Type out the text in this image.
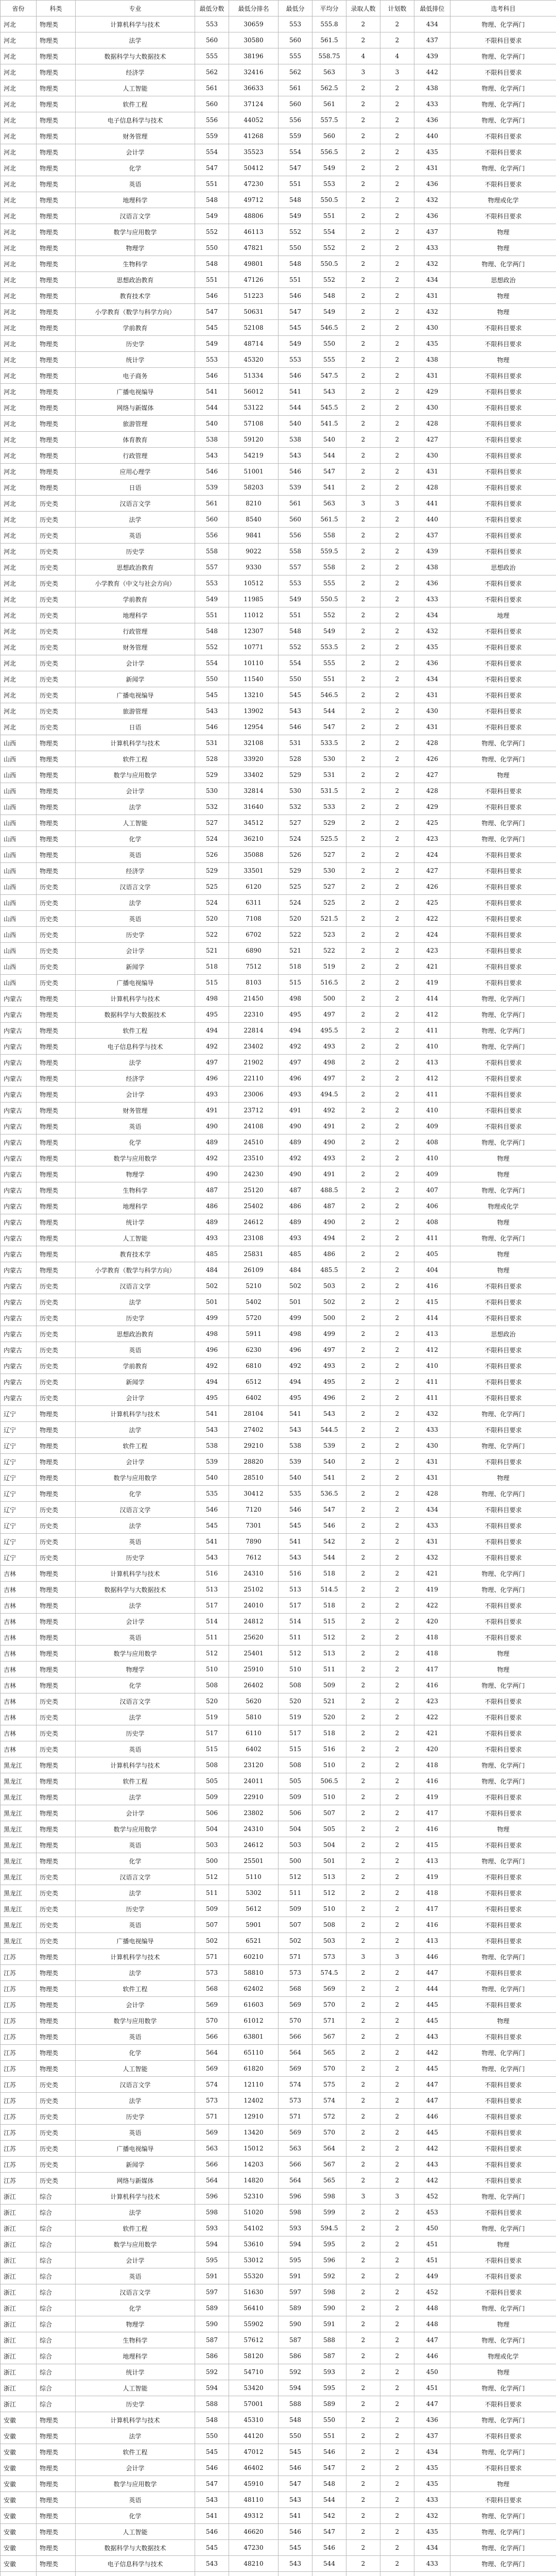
省份	科类	专业	最低分数	最低分排名	最低分	平均分	录取人数	计划数	最低排位	选考科目
河北	物理类	计算机科学与技术	553	30659	553	555.8	2	2	434	物理、化学两门
河北	物理类	法学	560	30580	560	561.5	2	2	437	不限科目要求
河北	物理类	数据科学与大数据技术	555	38196	555	558.75	4	4	439	物理、化学两门
河北	物理类	经济学	562	32416	562	563	3	3	442	不限科目要求
河北	物理类	人工智能	561	36633	561	562.5	2	2	438	物理、化学两门
河北	物理类	软件工程	560	37124	560	561	2	2	433	物理、化学两门
河北	物理类	电子信息科学与技术	556	44052	556	557.5	2	2	436	物理、化学两门
河北	物理类	财务管理	559	41268	559	560	2	2	440	不限科目要求
河北	物理类	会计学	554	35523	554	556.5	2	2	435	不限科目要求
河北	物理类	化学	547	50412	547	549	2	2	431	物理、化学两门
河北	物理类	英语	551	47230	551	553	2	2	436	不限科目要求
河北	物理类	地理科学	548	49712	548	550.5	2	2	432	物理或化学
河北	物理类	汉语言文学	549	48806	549	551	2	2	436	不限科目要求
河北	物理类	数学与应用数学	552	46113	552	554	2	2	437	物理
河北	物理类	物理学	550	47821	550	552	2	2	433	物理
河北	物理类	生物科学	548	49801	548	550.5	2	2	432	物理、化学两门
河北	物理类	思想政治教育	551	47126	551	552	2	2	434	思想政治
河北	物理类	教育技术学	546	51223	546	548	2	2	431	物理
河北	物理类	小学教育（数学与科学方向）	547	50631	547	549	2	2	432	物理
河北	物理类	学前教育	545	52108	545	546.5	2	2	430	不限科目要求
河北	物理类	历史学	549	48714	549	550	2	2	435	不限科目要求
河北	物理类	统计学	553	45320	553	555	2	2	438	物理
河北	物理类	电子商务	546	51334	546	547.5	2	2	431	不限科目要求
河北	物理类	广播电视编导	541	56012	541	543	2	2	429	不限科目要求
河北	物理类	网络与新媒体	544	53122	544	545.5	2	2	430	不限科目要求
河北	物理类	旅游管理	540	57108	540	541.5	2	2	428	不限科目要求
河北	物理类	体育教育	538	59120	538	540	2	2	427	不限科目要求
河北	物理类	行政管理	543	54219	543	544	2	2	430	不限科目要求
河北	物理类	应用心理学	546	51001	546	547	2	2	431	不限科目要求
河北	物理类	日语	539	58203	539	541	2	2	428	不限科目要求
河北	历史类	汉语言文学	561	8210	561	563	3	3	441	不限科目要求
河北	历史类	法学	560	8540	560	561.5	2	2	440	不限科目要求
河北	历史类	英语	556	9841	556	558	2	2	437	不限科目要求
河北	历史类	历史学	558	9022	558	559.5	2	2	439	不限科目要求
河北	历史类	思想政治教育	557	9330	557	558	2	2	438	思想政治
河北	历史类	小学教育（中文与社会方向）	553	10512	553	555	2	2	436	不限科目要求
河北	历史类	学前教育	549	11985	549	550.5	2	2	433	不限科目要求
河北	历史类	地理科学	551	11012	551	552	2	2	434	地理
河北	历史类	行政管理	548	12307	548	549	2	2	432	不限科目要求
河北	历史类	财务管理	552	10771	552	553.5	2	2	435	不限科目要求
河北	历史类	会计学	554	10110	554	555	2	2	436	不限科目要求
河北	历史类	新闻学	550	11540	550	551	2	2	434	不限科目要求
河北	历史类	广播电视编导	545	13210	545	546.5	2	2	431	不限科目要求
河北	历史类	旅游管理	543	13902	543	544	2	2	430	不限科目要求
河北	历史类	日语	546	12954	546	547	2	2	431	不限科目要求
山西	物理类	计算机科学与技术	531	32108	531	533.5	2	2	428	物理、化学两门
山西	物理类	软件工程	528	33920	528	530	2	2	426	物理、化学两门
山西	物理类	数学与应用数学	529	33402	529	531	2	2	427	物理
山西	物理类	会计学	530	32814	530	531.5	2	2	428	不限科目要求
山西	物理类	法学	532	31640	532	533	2	2	429	不限科目要求
山西	物理类	人工智能	527	34512	527	529	2	2	425	物理、化学两门
山西	物理类	化学	524	36210	524	525.5	2	2	423	物理、化学两门
山西	物理类	英语	526	35088	526	527	2	2	424	不限科目要求
山西	物理类	经济学	529	33501	529	530	2	2	427	不限科目要求
山西	历史类	汉语言文学	525	6120	525	527	2	2	426	不限科目要求
山西	历史类	法学	524	6311	524	525	2	2	425	不限科目要求
山西	历史类	英语	520	7108	520	521.5	2	2	422	不限科目要求
山西	历史类	历史学	522	6702	522	523	2	2	424	不限科目要求
山西	历史类	会计学	521	6890	521	522	2	2	423	不限科目要求
山西	历史类	新闻学	518	7512	518	519	2	2	421	不限科目要求
山西	历史类	广播电视编导	515	8103	515	516.5	2	2	419	不限科目要求
内蒙古	物理类	计算机科学与技术	498	21450	498	500	2	2	414	物理、化学两门
内蒙古	物理类	数据科学与大数据技术	495	22310	495	497	2	2	412	物理、化学两门
内蒙古	物理类	软件工程	494	22814	494	495.5	2	2	411	物理、化学两门
内蒙古	物理类	电子信息科学与技术	492	23402	492	493	2	2	410	物理、化学两门
内蒙古	物理类	法学	497	21902	497	498	2	2	413	不限科目要求
内蒙古	物理类	经济学	496	22110	496	497	2	2	412	不限科目要求
内蒙古	物理类	会计学	493	23006	493	494.5	2	2	411	不限科目要求
内蒙古	物理类	财务管理	491	23712	491	492	2	2	410	不限科目要求
内蒙古	物理类	英语	490	24108	490	491	2	2	409	不限科目要求
内蒙古	物理类	化学	489	24510	489	490	2	2	408	物理、化学两门
内蒙古	物理类	数学与应用数学	492	23510	492	493	2	2	410	物理
内蒙古	物理类	物理学	490	24230	490	491	2	2	409	物理
内蒙古	物理类	生物科学	487	25120	487	488.5	2	2	407	物理、化学两门
内蒙古	物理类	地理科学	486	25402	486	487	2	2	406	物理或化学
内蒙古	物理类	统计学	489	24612	489	490	2	2	408	物理
内蒙古	物理类	人工智能	493	23108	493	494	2	2	411	物理、化学两门
内蒙古	物理类	教育技术学	485	25831	485	486	2	2	405	物理
内蒙古	物理类	小学教育（数学与科学方向）	484	26109	484	485.5	2	2	404	物理
内蒙古	历史类	汉语言文学	502	5210	502	503	2	2	416	不限科目要求
内蒙古	历史类	法学	501	5402	501	502	2	2	415	不限科目要求
内蒙古	历史类	历史学	499	5720	499	500	2	2	414	不限科目要求
内蒙古	历史类	思想政治教育	498	5911	498	499	2	2	413	思想政治
内蒙古	历史类	英语	496	6230	496	497	2	2	412	不限科目要求
内蒙古	历史类	学前教育	492	6810	492	493	2	2	410	不限科目要求
内蒙古	历史类	新闻学	494	6512	494	495	2	2	411	不限科目要求
内蒙古	历史类	会计学	495	6402	495	496	2	2	411	不限科目要求
辽宁	物理类	计算机科学与技术	541	28104	541	543	2	2	432	物理、化学两门
辽宁	物理类	法学	543	27402	543	544.5	2	2	433	不限科目要求
辽宁	物理类	软件工程	538	29210	538	539	2	2	430	物理、化学两门
辽宁	物理类	会计学	539	28820	539	540	2	2	431	不限科目要求
辽宁	物理类	数学与应用数学	540	28510	540	541	2	2	431	物理
辽宁	物理类	化学	535	30412	535	536.5	2	2	428	物理、化学两门
辽宁	历史类	汉语言文学	546	7120	546	547	2	2	434	不限科目要求
辽宁	历史类	法学	545	7301	545	546	2	2	433	不限科目要求
辽宁	历史类	英语	541	7890	541	542	2	2	431	不限科目要求
辽宁	历史类	历史学	543	7612	543	544	2	2	432	不限科目要求
吉林	物理类	计算机科学与技术	516	24310	516	518	2	2	421	物理、化学两门
吉林	物理类	数据科学与大数据技术	513	25102	513	514.5	2	2	419	物理、化学两门
吉林	物理类	法学	517	24010	517	518	2	2	422	不限科目要求
吉林	物理类	会计学	514	24812	514	515	2	2	420	不限科目要求
吉林	物理类	英语	511	25620	511	512	2	2	418	不限科目要求
吉林	物理类	数学与应用数学	512	25401	512	513	2	2	418	物理
吉林	物理类	物理学	510	25910	510	511	2	2	417	物理
吉林	物理类	化学	508	26402	508	509	2	2	416	物理、化学两门
吉林	历史类	汉语言文学	520	5620	520	521	2	2	423	不限科目要求
吉林	历史类	法学	519	5810	519	520	2	2	422	不限科目要求
吉林	历史类	历史学	517	6110	517	518	2	2	421	不限科目要求
吉林	历史类	英语	515	6402	515	516	2	2	420	不限科目要求
黑龙江	物理类	计算机科学与技术	508	23120	508	510	2	2	418	物理、化学两门
黑龙江	物理类	软件工程	505	24011	505	506.5	2	2	416	物理、化学两门
黑龙江	物理类	法学	509	22910	509	510	2	2	419	不限科目要求
黑龙江	物理类	会计学	506	23802	506	507	2	2	417	不限科目要求
黑龙江	物理类	数学与应用数学	504	24310	504	505	2	2	416	物理
黑龙江	物理类	英语	503	24612	503	504	2	2	415	不限科目要求
黑龙江	物理类	化学	500	25501	500	501	2	2	413	物理、化学两门
黑龙江	历史类	汉语言文学	512	5110	512	513	2	2	419	不限科目要求
黑龙江	历史类	法学	511	5302	511	512	2	2	418	不限科目要求
黑龙江	历史类	历史学	509	5612	509	510	2	2	417	不限科目要求
黑龙江	历史类	英语	507	5901	507	508	2	2	416	不限科目要求
黑龙江	历史类	广播电视编导	502	6521	502	503	2	2	413	不限科目要求
江苏	物理类	计算机科学与技术	571	60210	571	573	3	3	446	物理、化学两门
江苏	物理类	法学	573	58810	573	574.5	2	2	447	不限科目要求
江苏	物理类	软件工程	568	62402	568	569	2	2	444	物理、化学两门
江苏	物理类	会计学	569	61603	569	570	2	2	445	不限科目要求
江苏	物理类	数学与应用数学	570	61012	570	571	2	2	445	物理
江苏	物理类	英语	566	63801	566	567	2	2	443	不限科目要求
江苏	物理类	化学	564	65110	564	565	2	2	442	物理、化学两门
江苏	物理类	人工智能	569	61820	569	570	2	2	445	物理、化学两门
江苏	历史类	汉语言文学	574	12110	574	575	2	2	447	不限科目要求
江苏	历史类	法学	573	12402	573	574	2	2	447	不限科目要求
江苏	历史类	历史学	571	12910	571	572	2	2	446	不限科目要求
江苏	历史类	英语	569	13420	569	570	2	2	445	不限科目要求
江苏	历史类	广播电视编导	563	15012	563	564	2	2	442	不限科目要求
江苏	历史类	新闻学	566	14203	566	567	2	2	443	不限科目要求
江苏	历史类	网络与新媒体	564	14820	564	565	2	2	442	不限科目要求
浙江	综合	计算机科学与技术	596	52310	596	598	3	3	452	物理、化学两门
浙江	综合	法学	598	51020	598	599	2	2	453	不限科目要求
浙江	综合	软件工程	593	54102	593	594.5	2	2	450	物理、化学两门
浙江	综合	数学与应用数学	594	53610	594	595	2	2	451	物理
浙江	综合	会计学	595	53012	595	596	2	2	451	不限科目要求
浙江	综合	英语	591	55320	591	592	2	2	449	不限科目要求
浙江	综合	汉语言文学	597	51630	597	598	2	2	452	不限科目要求
浙江	综合	化学	589	56410	589	590	2	2	448	物理、化学两门
浙江	综合	物理学	590	55902	590	591	2	2	448	物理
浙江	综合	生物科学	587	57612	587	588	2	2	447	物理、化学两门
浙江	综合	地理科学	586	58120	586	587	2	2	446	物理或化学
浙江	综合	统计学	592	54710	592	593	2	2	450	物理
浙江	综合	人工智能	594	53420	594	595	2	2	451	物理、化学两门
浙江	综合	历史学	588	57001	588	589	2	2	447	不限科目要求
安徽	物理类	计算机科学与技术	548	45310	548	550	2	2	436	物理、化学两门
安徽	物理类	法学	550	44120	550	551	2	2	437	不限科目要求
安徽	物理类	软件工程	545	47012	545	546	2	2	434	物理、化学两门
安徽	物理类	会计学	546	46402	546	547	2	2	435	不限科目要求
安徽	物理类	数学与应用数学	547	45910	547	548	2	2	435	物理
安徽	物理类	英语	543	48110	543	544	2	2	433	不限科目要求
安徽	物理类	化学	541	49312	541	542	2	2	432	物理、化学两门
安徽	物理类	人工智能	546	46620	546	547	2	2	435	物理、化学两门
安徽	物理类	数据科学与大数据技术	545	47230	545	546	2	2	434	物理、化学两门
安徽	物理类	电子信息科学与技术	543	48210	543	544	2	2	433	物理、化学两门
